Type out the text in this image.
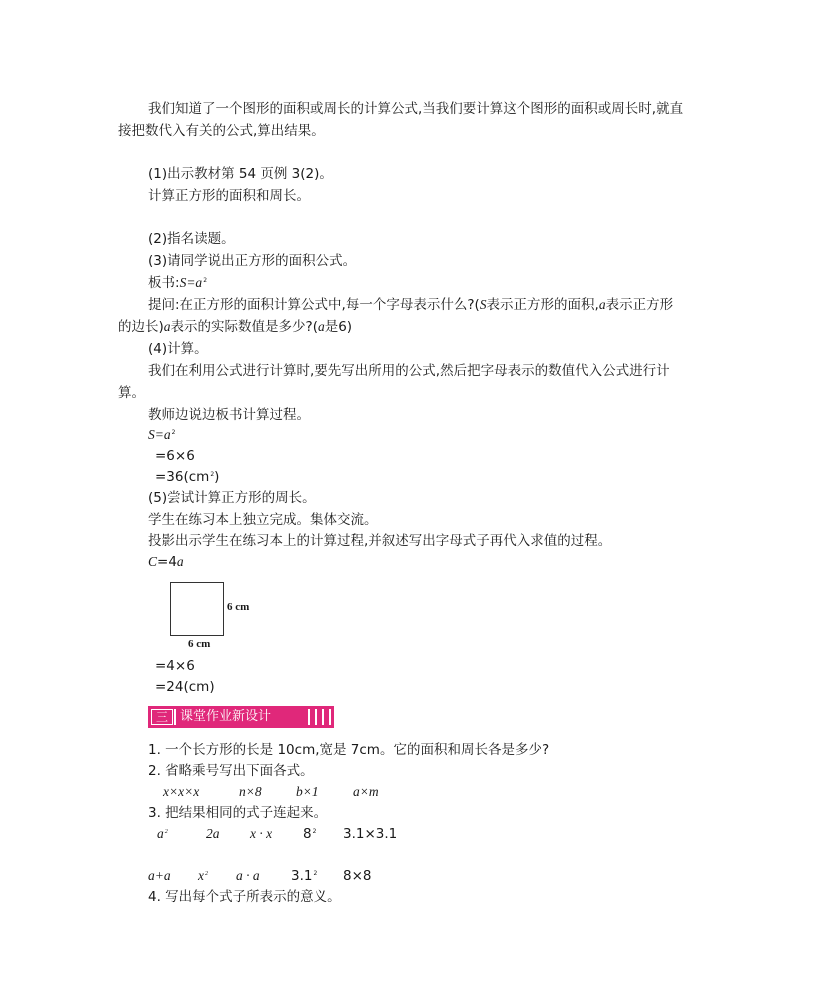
我们知道了一个图形的面积或周长的计算公式,当我们要计算这个图形的面积或周长时,就直
接把数代入有关的公式,算出结果。
(1)出示教材第 54 页例 3(2)。
计算正方形的面积和周长。
(2)指名读题。
(3)请同学说出正方形的面积公式。
板书$:S=a^2$
提问:在正方形的面积计算公式中,每一个字母表示什么?(S表示正方形的面积,a表示正方形
的边长)a表示的实际数值是多少?(a是6)
(4)计算。
我们在利用公式进行计算时,要先写出所用的公式,然后把字母表示的数值代入公式进行计
算。
教师边说边板书计算过程。
$S=a^2$
=6×6
$=36(cm^2)$
(5)尝试计算正方形的周长。
学生在练习本上独立完成。集体交流。
投影出示学生在练习本上的计算过程,并叙述写出字母式子再代入求值的过程。
C=4a
6 cm
6 cm
=4×6
=24(cm)
三 课堂作业新设计
1. 一个长方形的长是 10cm,宽是 7cm。它的面积和周长各是多少?
2. 省略乘号写出下面各式。
x×x×x	n×8	b×1	a×m
3. 把结果相同的式子连起来。
$a^2$	2a x · x $8^2$ 3.1×3.1
a+a $x^2$ a · a $3.1^2$ 8×8
4. 写出每个式子所表示的意义。
